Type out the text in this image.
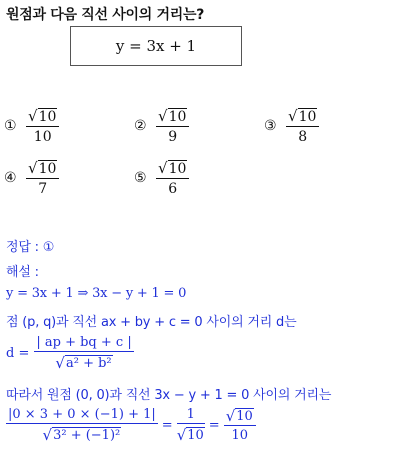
원점과 다음 직선 사이의 거리는?
y = 3x + 1
① $\frac{√ 10}{10}$	② $\frac{√ 10}{9}$	③ $\frac{√ 10}{8}$
④ $\frac{√ 10}{7}$	⑤ $\frac{√ 10}{6}$
정답 : ①
해설 :
y = 3x + 1 ⇒ 3x − y + 1 = 0
점 (p, q)과 직선 ax + by + c = 0 사이의 거리 d는
$d = \frac{| ap + bq + c |}{\text{√ a² + b²}}$
따라서 원점 (0, 0)과 직선 3x − y + 1 = 0 사이의 거리는
$\frac{|0 \times 3 + 0 \times (-1) + 1|}{\text{√ 3² + (−1)²}} = \frac{1}{√ 10} = \frac{√ 10}{10}$
